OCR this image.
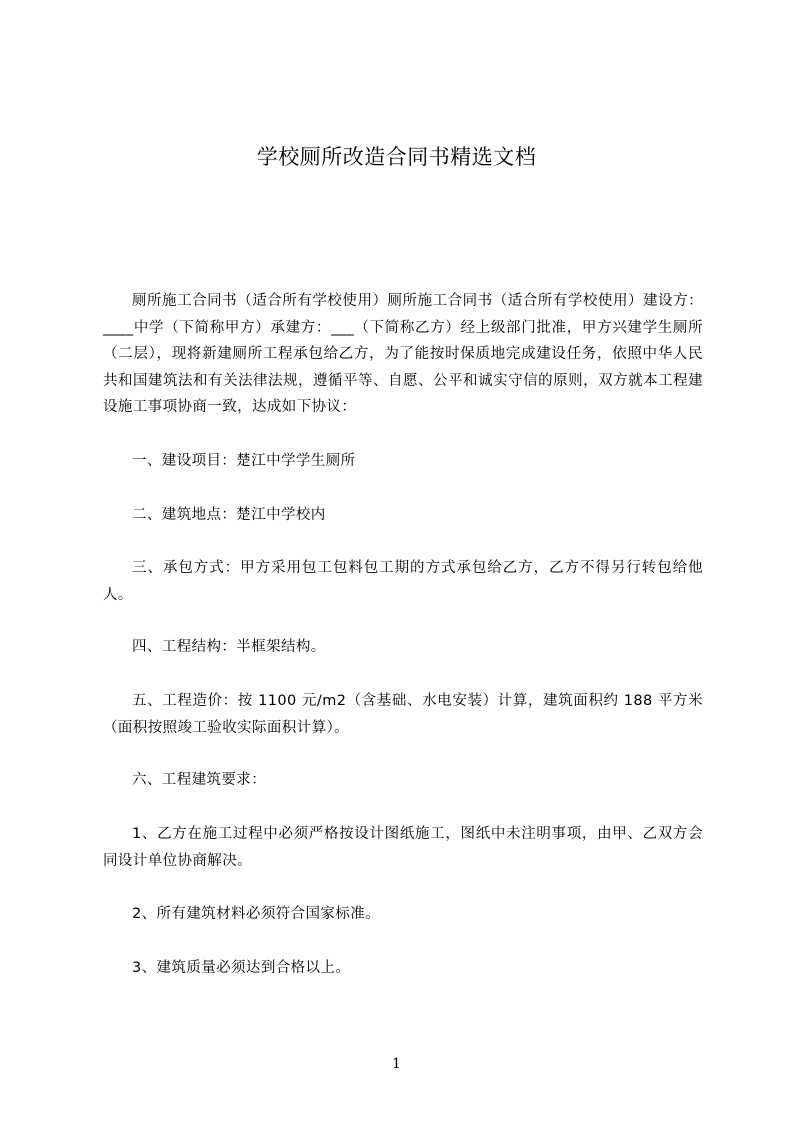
学校厕所改造合同书精选文档

厕所施工合同书（适合所有学校使用）厕所施工合同书（适合所有学校使用）建设方：____中学（下简称甲方）承建方：___（下简称乙方）经上级部门批准，甲方兴建学生厕所（二层），现将新建厕所工程承包给乙方，为了能按时保质地完成建设任务，依照中华人民共和国建筑法和有关法律法规，遵循平等、自愿、公平和诚实守信的原则，双方就本工程建设施工事项协商一致，达成如下协议：

一、建设项目：楚江中学学生厕所

二、建筑地点：楚江中学校内

三、承包方式：甲方采用包工包料包工期的方式承包给乙方，乙方不得另行转包给他人。

四、工程结构：半框架结构。

五、工程造价：按 1100 元/m2（含基础、水电安装）计算，建筑面积约 188 平方米（面积按照竣工验收实际面积计算）。

六、工程建筑要求：

1、乙方在施工过程中必须严格按设计图纸施工，图纸中未注明事项，由甲、乙双方会同设计单位协商解决。

2、所有建筑材料必须符合国家标准。

3、建筑质量必须达到合格以上。

1
